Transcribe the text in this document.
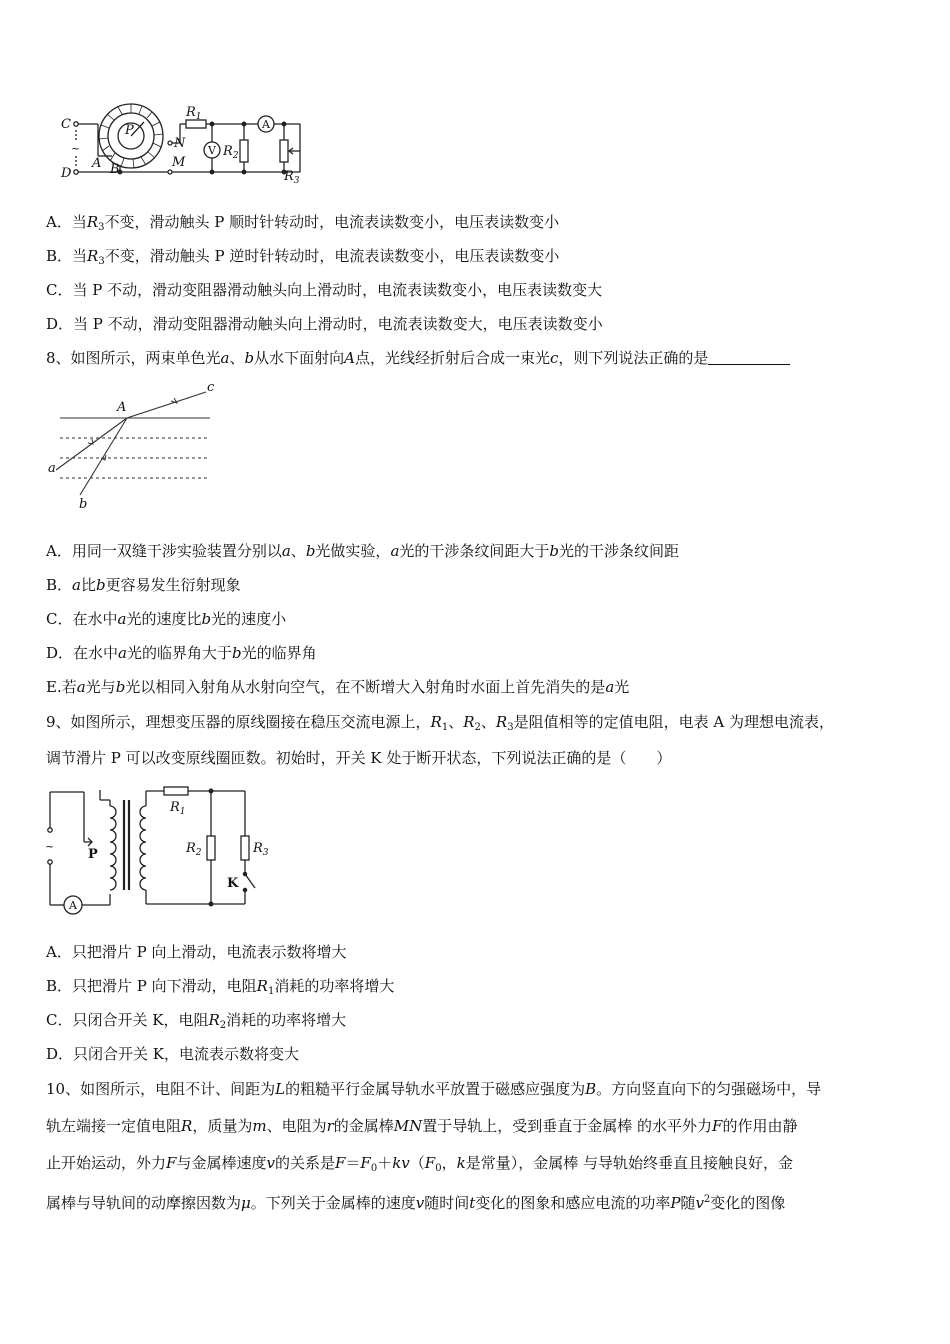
C
D
A B
P
N
M
$R_1$
$R_2$
$R_3$
A
V
~
A．当$R_3$不变，滑动触头 P 顺时针转动时，电流表读数变小，电压表读数变小
B．当$R_3$不变，滑动触头 P 逆时针转动时，电流表读数变小，电压表读数变小
C．当 P 不动，滑动变阻器滑动触头向上滑动时，电流表读数变小，电压表读数变大
D．当 P 不动，滑动变阻器滑动触头向上滑动时，电流表读数变大，电压表读数变小
8、如图所示，两束单色光a、b从水下面射向A点，光线经折射后合成一束光c，则下列说法正确的是
A
a
b
c
A．用同一双缝干涉实验装置分别以a、b光做实验，a光的干涉条纹间距大于b光的干涉条纹间距
B．a比b更容易发生衍射现象
C．在水中a光的速度比b光的速度小
D．在水中a光的临界角大于b光的临界角
E.若a光与b光以相同入射角从水射向空气，在不断增大入射角时水面上首先消失的是a光
9、如图所示，理想变压器的原线圈接在稳压交流电源上，$R_1$、$R_2$、$R_3$是阻值相等的定值电阻，电表 A 为理想电流表，
调节滑片 P 可以改变原线圈匝数。初始时，开关 K 处于断开状态，下列说法正确的是（　　）
$R_1$
$R_2$	$R_3$
P
K
A
~
A．只把滑片 P 向上滑动，电流表示数将增大
B．只把滑片 P 向下滑动，电阻$R_1$消耗的功率将增大
C．只闭合开关 K，电阻$R_2$消耗的功率将增大
D．只闭合开关 K，电流表示数将变大
10、如图所示，电阻不计、间距为L的粗糙平行金属导轨水平放置于磁感应强度为B。方向竖直向下的匀强磁场中，导
轨左端接一定值电阻R，质量为m、电阻为r的金属棒MN置于导轨上，受到垂直于金属棒 的水平外力F的作用由静
止开始运动，外力F与金属棒速度v的关系是$F=F_0+kv(F_0$，k是常量），金属棒 与导轨始终垂直且接触良好，金
属棒与导轨间的动摩擦因数为μ。下列关于金属棒的速度v随时间t变化的图象和感应电流的功率P随$v^2$变化的图像
